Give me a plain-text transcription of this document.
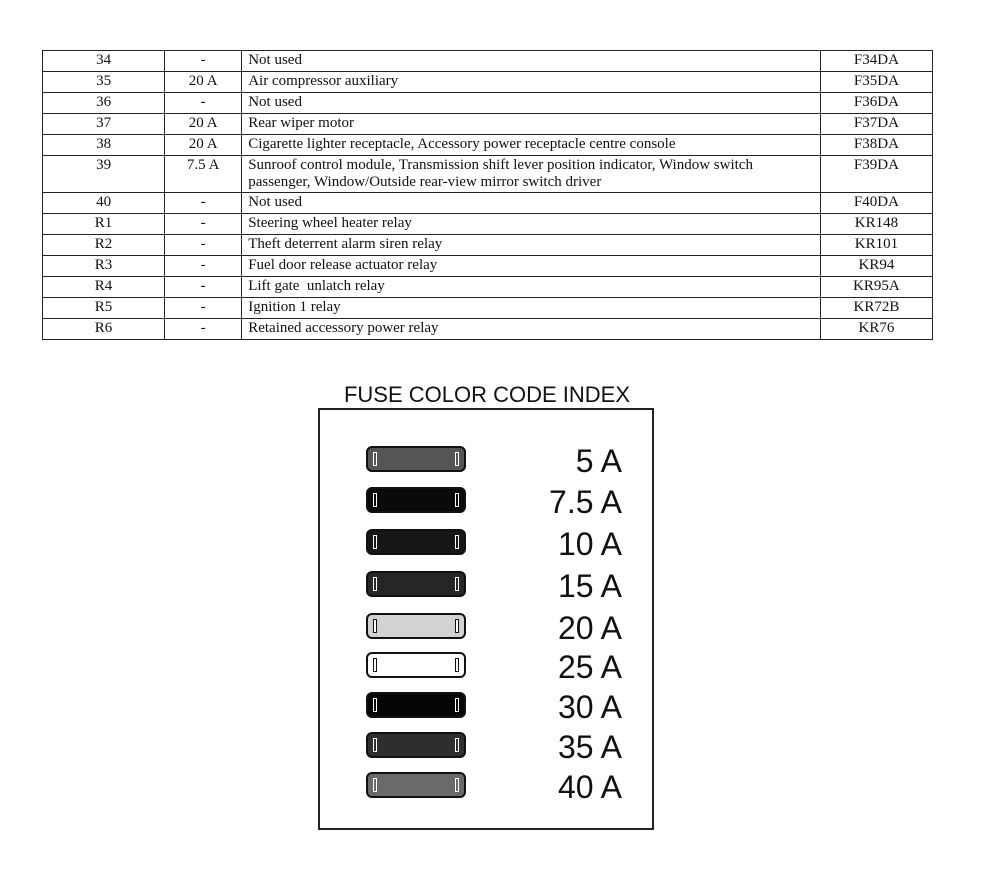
34	-	Not used	F34DA
35	20 A	Air compressor auxiliary	F35DA
36	-	Not used	F36DA
37	20 A	Rear wiper motor	F37DA
38	20 A	Cigarette lighter receptacle, Accessory power receptacle centre console	F38DA
39	7.5 A	Sunroof control module, Transmission shift lever position indicator, Window switch passenger, Window/Outside rear-view mirror switch driver	F39DA
40	-	Not used	F40DA
R1	-	Steering wheel heater relay	KR148
R2	-	Theft deterrent alarm siren relay	KR101
R3	-	Fuel door release actuator relay	KR94
R4	-	Lift gate  unlatch relay	KR95A
R5	-	Ignition 1 relay	KR72B
R6	-	Retained accessory power relay	KR76
FUSE COLOR CODE INDEX
5 A
7.5 A
10 A
15 A
20 A
25 A
30 A
35 A
40 A
